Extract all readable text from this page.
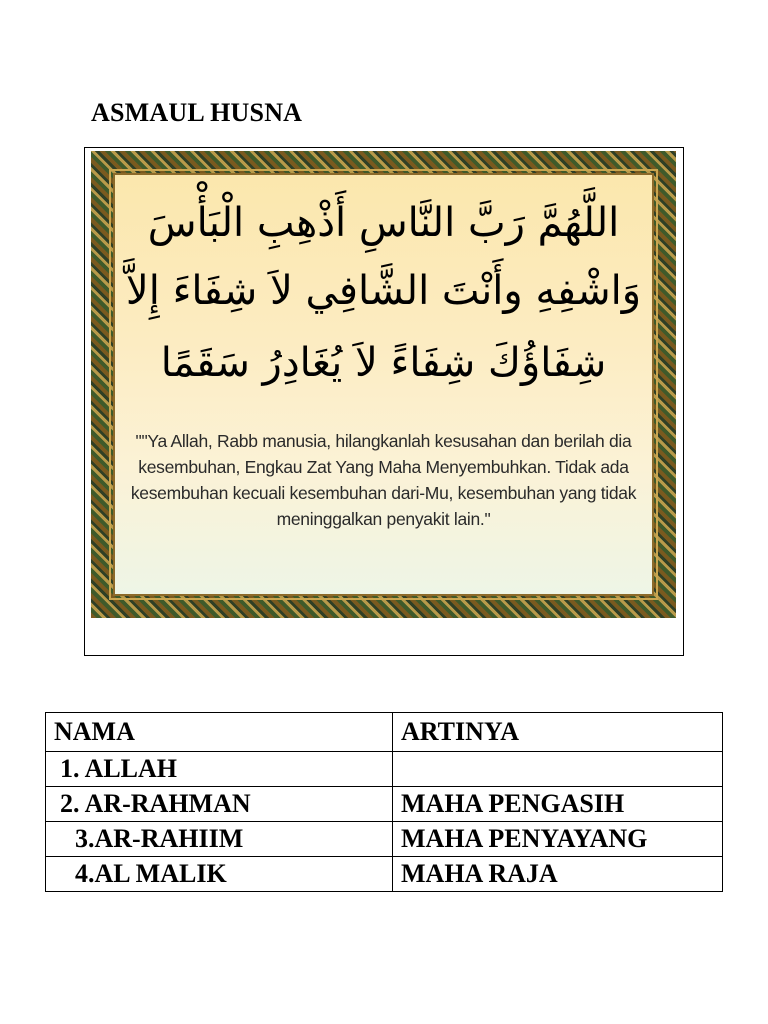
ASMAUL HUSNA
اللَّهُمَّ رَبَّ النَّاسِ أَذْهِبِ الْبَأْسَ
وَاشْفِهِ وأَنْتَ الشَّافِي لاَ شِفَاءَ إِلاَّ
شِفَاؤُكَ شِفَاءً لاَ يُغَادِرُ سَقَمًا
""Ya Allah, Rabb manusia, hilangkanlah kesusahan dan berilah dia kesembuhan, Engkau Zat Yang Maha Menyembuhkan. Tidak ada kesembuhan kecuali kesembuhan dari-Mu, kesembuhan yang tidak meninggalkan penyakit lain."
NAMA	ARTINYA
1. ALLAH	
2. AR-RAHMAN	MAHA PENGASIH
3.AR-RAHIIM	MAHA PENYAYANG
4.AL MALIK	MAHA RAJA
